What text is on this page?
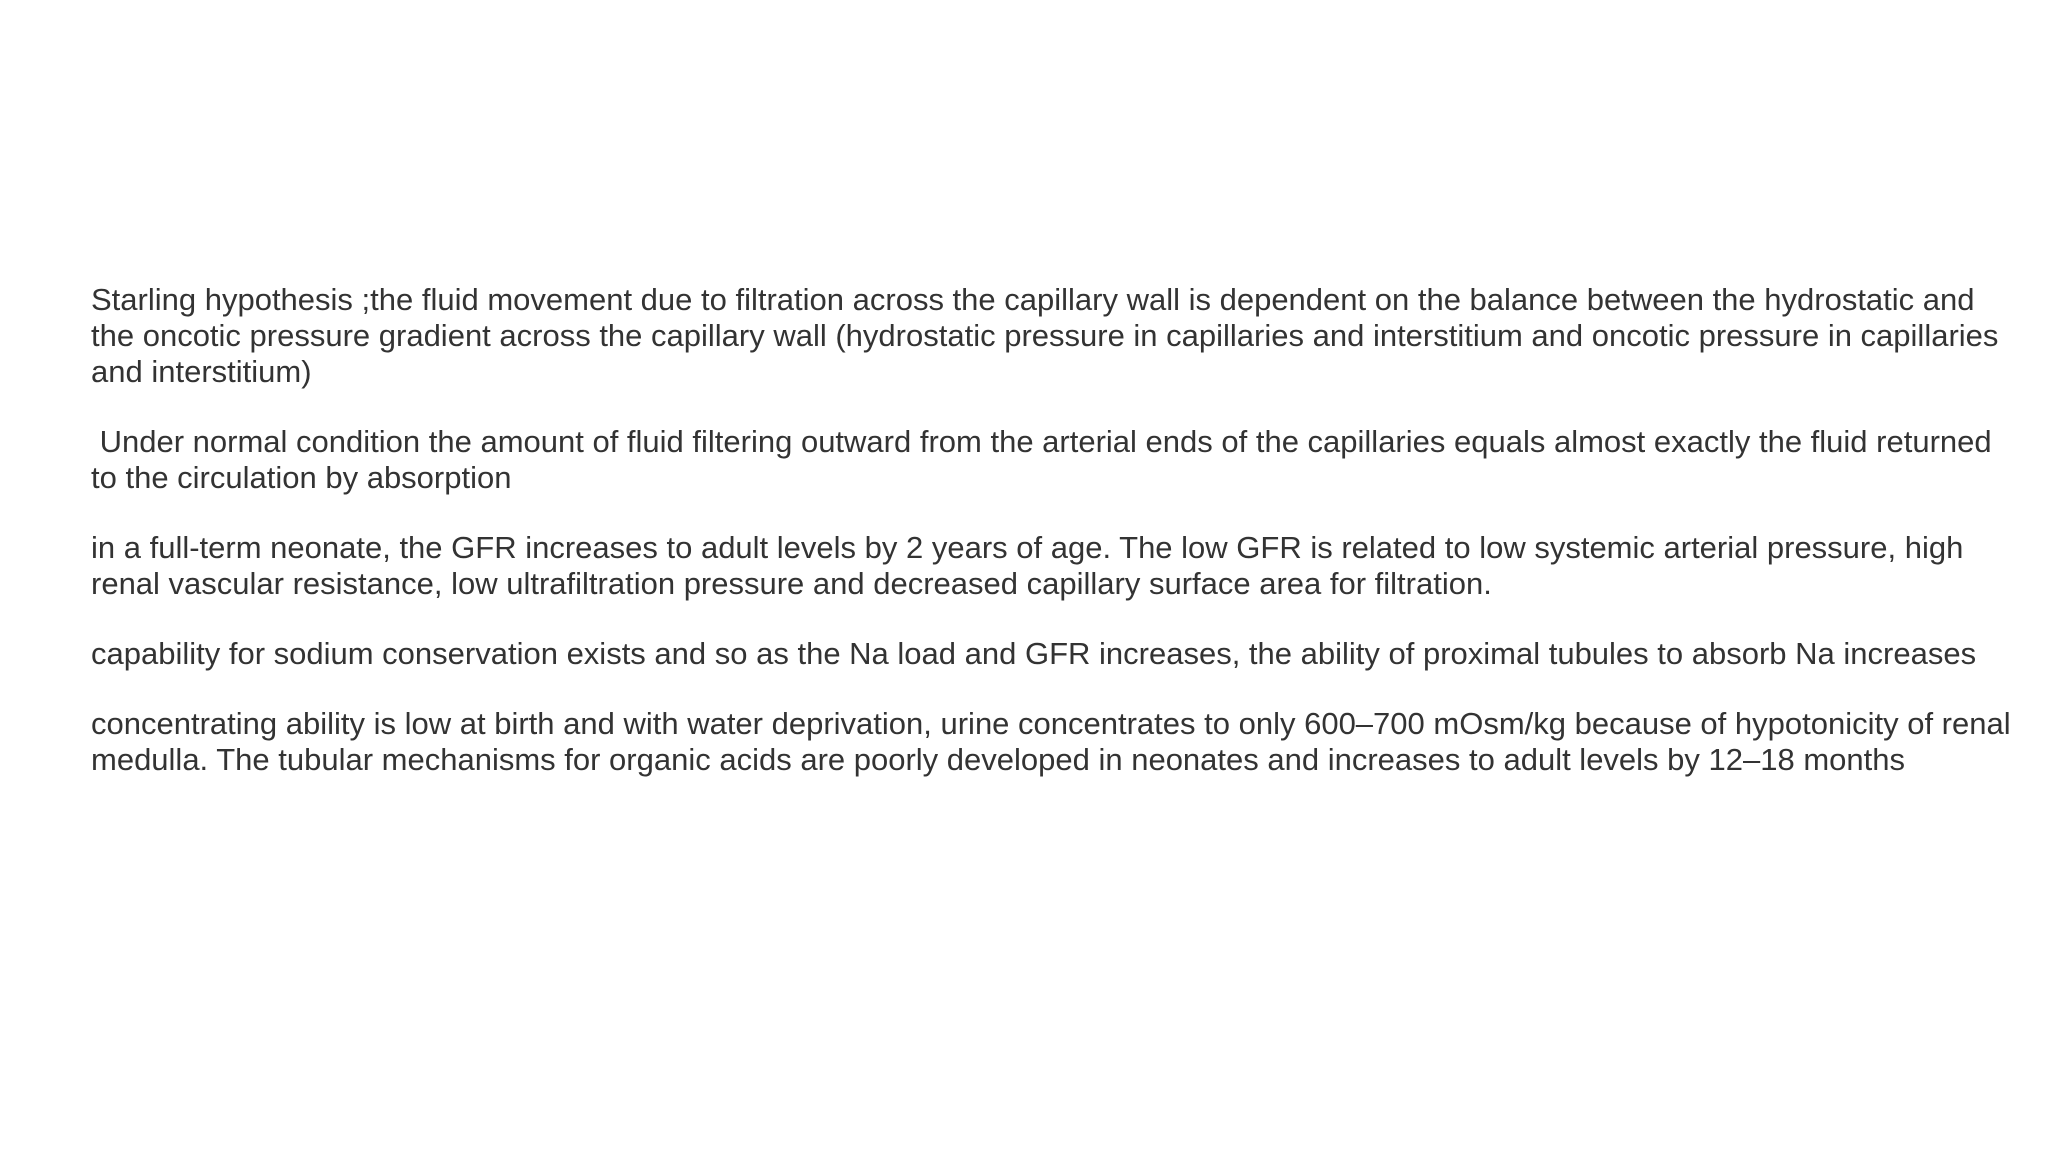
Starling hypothesis ;the fluid movement due to filtration across the capillary wall is dependent on the balance between the hydrostatic and the oncotic pressure gradient across the capillary wall (hydrostatic pressure in capillaries and interstitium and oncotic pressure in capillaries and interstitium)

Under normal condition the amount of fluid filtering outward from the arterial ends of the capillaries equals almost exactly the fluid returned to the circulation by absorption

in a full-term neonate, the GFR increases to adult levels by 2 years of age. The low GFR is related to low systemic arterial pressure, high renal vascular resistance, low ultrafiltration pressure and decreased capillary surface area for filtration.

capability for sodium conservation exists and so as the Na load and GFR increases, the ability of proximal tubules to absorb Na increases

concentrating ability is low at birth and with water deprivation, urine concentrates to only 600–700 mOsm/kg because of hypotonicity of renal medulla. The tubular mechanisms for organic acids are poorly developed in neonates and increases to adult levels by 12–18 months
